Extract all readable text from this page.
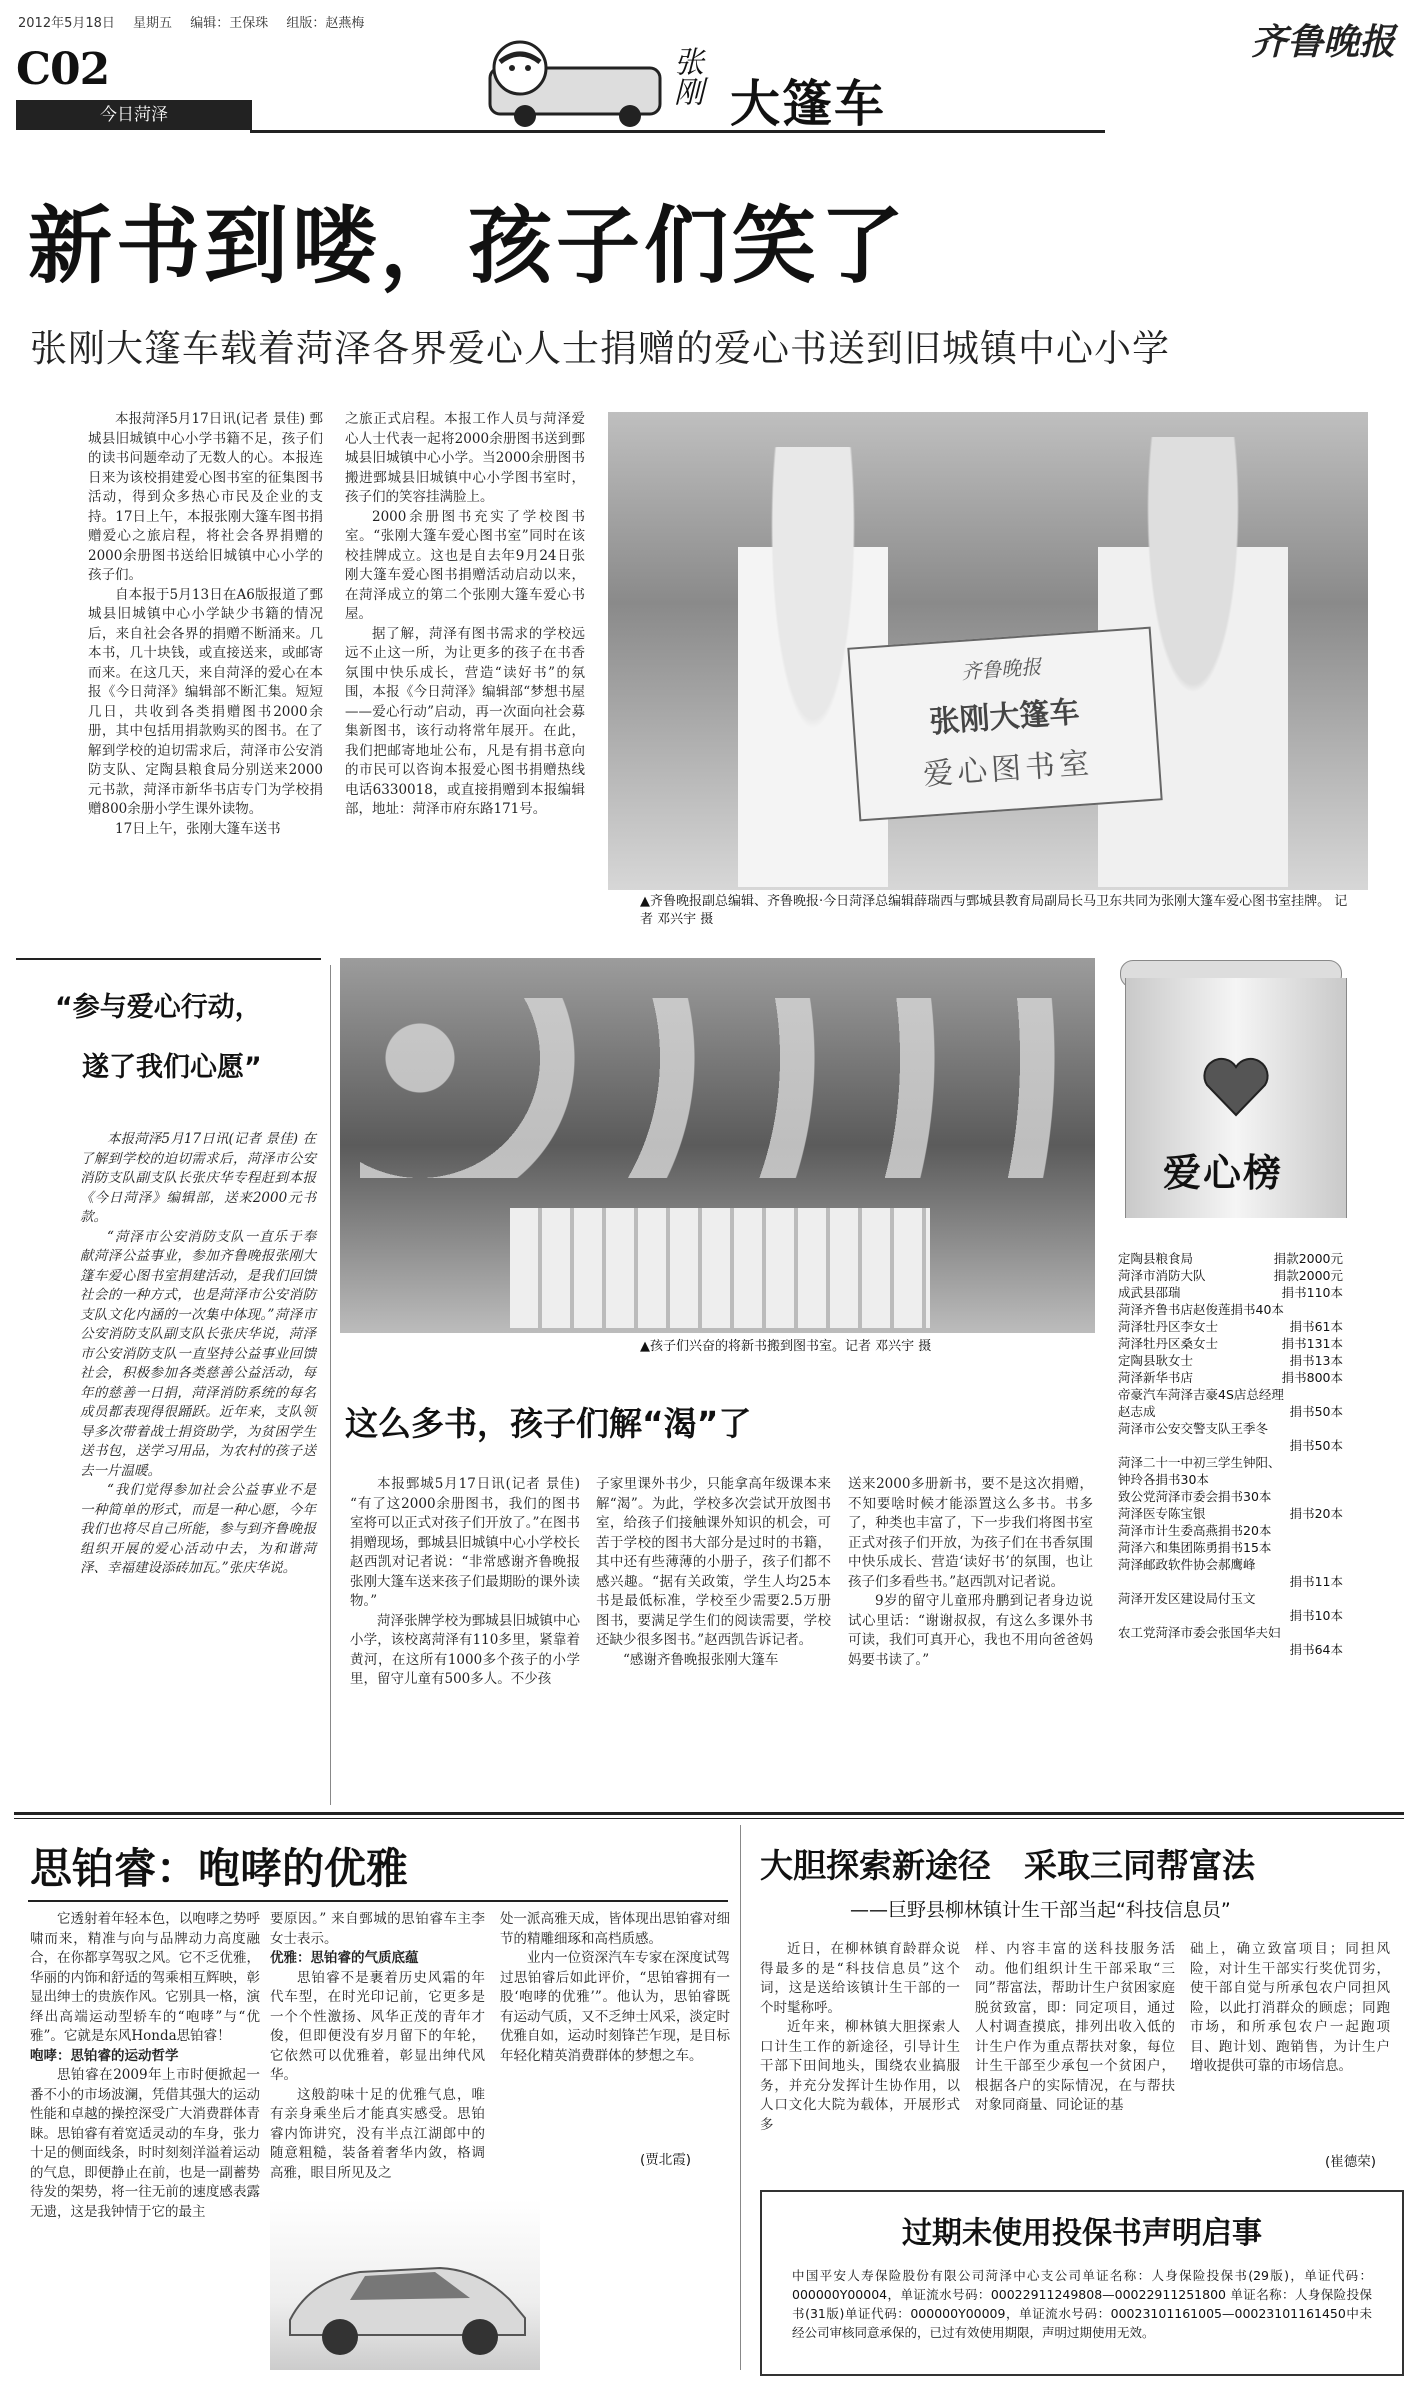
2012年5月18日 星期五 编辑：王保珠 组版：赵燕梅
C02
今日菏泽
张刚 大篷车
齐鲁晚报
新书到喽，孩子们笑了
张刚大篷车载着菏泽各界爱心人士捐赠的爱心书送到旧城镇中心小学

本报菏泽5月17日讯(记者 景佳) 鄄城县旧城镇中心小学书籍不足，孩子们的读书问题牵动了无数人的心。本报连日来为该校捐建爱心图书室的征集图书活动，得到众多热心市民及企业的支持。17日上午，本报张刚大篷车图书捐赠爱心之旅启程，将社会各界捐赠的2000余册图书送给旧城镇中心小学的孩子们。

自本报于5月13日在A6版报道了鄄城县旧城镇中心小学缺少书籍的情况后，来自社会各界的捐赠不断涌来。几本书，几十块钱，或直接送来，或邮寄而来。在这几天，来自菏泽的爱心在本报《今日菏泽》编辑部不断汇集。短短几日，共收到各类捐赠图书2000余册，其中包括用捐款购买的图书。在了解到学校的迫切需求后，菏泽市公安消防支队、定陶县粮食局分别送来2000元书款，菏泽市新华书店专门为学校捐赠800余册小学生课外读物。

17日上午，张刚大篷车送书

之旅正式启程。本报工作人员与菏泽爱心人士代表一起将2000余册图书送到鄄城县旧城镇中心小学。当2000余册图书搬进鄄城县旧城镇中心小学图书室时，孩子们的笑容挂满脸上。

2000余册图书充实了学校图书室。“张刚大篷车爱心图书室”同时在该校挂牌成立。这也是自去年9月24日张刚大篷车爱心图书捐赠活动启动以来，在菏泽成立的第二个张刚大篷车爱心书屋。

据了解，菏泽有图书需求的学校远远不止这一所，为让更多的孩子在书香氛围中快乐成长，营造“读好书”的氛围，本报《今日菏泽》编辑部“梦想书屋——爱心行动”启动，再一次面向社会募集新图书，该行动将常年展开。在此，我们把邮寄地址公布，凡是有捐书意向的市民可以咨询本报爱心图书捐赠热线电话6330018，或直接捐赠到本报编辑部，地址：菏泽市府东路171号。

齐鲁晚报
张刚大篷车
爱心图书室
▲齐鲁晚报副总编辑、齐鲁晚报·今日菏泽总编辑薛瑞西与鄄城县教育局副局长马卫东共同为张刚大篷车爱心图书室挂牌。 记者 邓兴宇 摄
▲孩子们兴奋的将新书搬到图书室。记者 邓兴宇 摄
“参与爱心行动，
遂了我们心愿”

本报菏泽5月17日讯(记者 景佳) 在了解到学校的迫切需求后，菏泽市公安消防支队副支队长张庆华专程赶到本报《今日菏泽》编辑部，送来2000元书款。

“菏泽市公安消防支队一直乐于奉献菏泽公益事业，参加齐鲁晚报张刚大篷车爱心图书室捐建活动，是我们回馈社会的一种方式，也是菏泽市公安消防支队文化内涵的一次集中体现。”菏泽市公安消防支队副支队长张庆华说，菏泽市公安消防支队一直坚持公益事业回馈社会，积极参加各类慈善公益活动，每年的慈善一日捐，菏泽消防系统的每名成员都表现得很踊跃。近年来，支队领导多次带着战士捐资助学，为贫困学生送书包，送学习用品，为农村的孩子送去一片温暖。

“我们觉得参加社会公益事业不是一种简单的形式，而是一种心愿，今年我们也将尽自己所能，参与到齐鲁晚报组织开展的爱心活动中去，为和谐菏泽、幸福建设添砖加瓦。”张庆华说。

爱心榜
定陶县粮食局	捐款2000元
菏泽市消防大队	捐款2000元
成武县邵瑞	捐书110本
菏泽齐鲁书店赵俊莲捐书40本
菏泽牡丹区李女士	捐书61本
菏泽牡丹区桑女士	捐书131本
定陶县耿女士	捐书13本
菏泽新华书店	捐书800本
帝豪汽车菏泽吉豪4S店总经理
赵志成	捐书50本
菏泽市公安交警支队王季冬
捐书50本
菏泽二十一中初三学生钟阳、
钟玲各捐书30本
致公党菏泽市委会捐书30本
菏泽医专陈宝银	捐书20本
菏泽市计生委高燕捐书20本
菏泽六和集团陈勇捐书15本
菏泽邮政软件协会郝鹰峰
捐书11本
菏泽开发区建设局付玉文
捐书10本
农工党菏泽市委会张国华夫妇
捐书64本
这么多书，孩子们解“渴”了

本报鄄城5月17日讯(记者 景佳) “有了这2000余册图书，我们的图书室将可以正式对孩子们开放了。”在图书捐赠现场，鄄城县旧城镇中心小学校长赵西凯对记者说：“非常感谢齐鲁晚报张刚大篷车送来孩子们最期盼的课外读物。”

菏泽张牌学校为鄄城县旧城镇中心小学，该校离菏泽有110多里，紧靠着黄河，在这所有1000多个孩子的小学里，留守儿童有500多人。不少孩

子家里课外书少，只能拿高年级课本来解“渴”。为此，学校多次尝试开放图书室，给孩子们接触课外知识的机会，可苦于学校的图书大部分是过时的书籍，其中还有些薄薄的小册子，孩子们都不感兴趣。“据有关政策，学生人均25本书是最低标准，学校至少需要2.5万册图书，要满足学生们的阅读需要，学校还缺少很多图书。”赵西凯告诉记者。

“感谢齐鲁晚报张刚大篷车

送来2000多册新书，要不是这次捐赠，不知要啥时候才能添置这么多书。书多了，种类也丰富了，下一步我们将图书室正式对孩子们开放，为孩子们在书香氛围中快乐成长、营造‘读好书’的氛围，也让孩子们多看些书。”赵西凯对记者说。

9岁的留守儿童邢舟鹏到记者身边说试心里话：“谢谢叔叔，有这么多课外书可读，我们可真开心，我也不用向爸爸妈妈要书读了。”

思铂睿：咆哮的优雅

它透射着年轻本色，以咆哮之势呼啸而来，精准与向与品牌动力高度融合，在你都享驾驭之风。它不乏优雅，华丽的内饰和舒适的驾乘相互辉映，彰显出绅士的贵族作风。它别具一格，演绎出高端运动型轿车的“咆哮”与“优雅”。它就是东风Honda思铂睿！

咆哮：思铂睿的运动哲学

思铂睿在2009年上市时便掀起一番不小的市场波澜，凭借其强大的运动性能和卓越的操控深受广大消费群体青睐。思铂睿有着宽适灵动的车身，张力十足的侧面线条，时时刻刻洋溢着运动的气息，即便静止在前，也是一副蓄势待发的架势，将一往无前的速度感表露无遗，这是我钟情于它的最主

要原因。” 来自鄄城的思铂睿车主李女士表示。

优雅：思铂睿的气质底蕴

思铂睿不是裹着历史风霜的年代车型，在时光印记前，它更多是一个个性激扬、风华正茂的青年才俊，但即便没有岁月留下的年轮，它依然可以优雅着，彰显出绅代风华。

这般韵味十足的优雅气息，唯有亲身乘坐后才能真实感受。思铂睿内饰讲究，没有半点江湖郎中的随意粗糙，装备着奢华内敛，格调高雅，眼目所见及之

处一派高雅天成，皆体现出思铂睿对细节的精雕细琢和高档质感。

业内一位资深汽车专家在深度试驾过思铂睿后如此评价，“思铂睿拥有一股‘咆哮的优雅’”。他认为，思铂睿既有运动气质，又不乏绅士风采，淡定时优雅自如，运动时刻锋芒乍现，是目标年轻化精英消费群体的梦想之车。

(贾北霞)
大胆探索新途径　采取三同帮富法
——巨野县柳林镇计生干部当起“科技信息员”

近日，在柳林镇育龄群众说得最多的是“科技信息员”这个词，这是送给该镇计生干部的一个时髦称呼。

近年来，柳林镇大胆探索人口计生工作的新途径，引导计生干部下田间地头，围绕农业搞服务，并充分发挥计生协作用，以人口文化大院为载体，开展形式多

样、内容丰富的送科技服务活动。他们组织计生干部采取“三同”帮富法，帮助计生户贫困家庭脱贫致富，即：同定项目，通过人村调查摸底，排列出收入低的计生户作为重点帮扶对象，每位计生干部至少承包一个贫困户，根据各户的实际情况，在与帮扶对象同商量、同论证的基

础上，确立致富项目；同担风险，对计生干部实行奖优罚劣，使干部自觉与所承包农户同担风险，以此打消群众的顾虑；同跑市场，和所承包农户一起跑项目、跑计划、跑销售，为计生户增收提供可靠的市场信息。

(崔德荣)
过期未使用投保书声明启事
中国平安人寿保险股份有限公司菏泽中心支公司单证名称：人身保险投保书(29版)，单证代码：000000Y00004，单证流水号码：00022911249808—00022911251800 单证名称：人身保险投保书(31版)单证代码：000000Y00009，单证流水号码：00023101161005—00023101161450中未经公司审核同意承保的，已过有效使用期限，声明过期使用无效。
